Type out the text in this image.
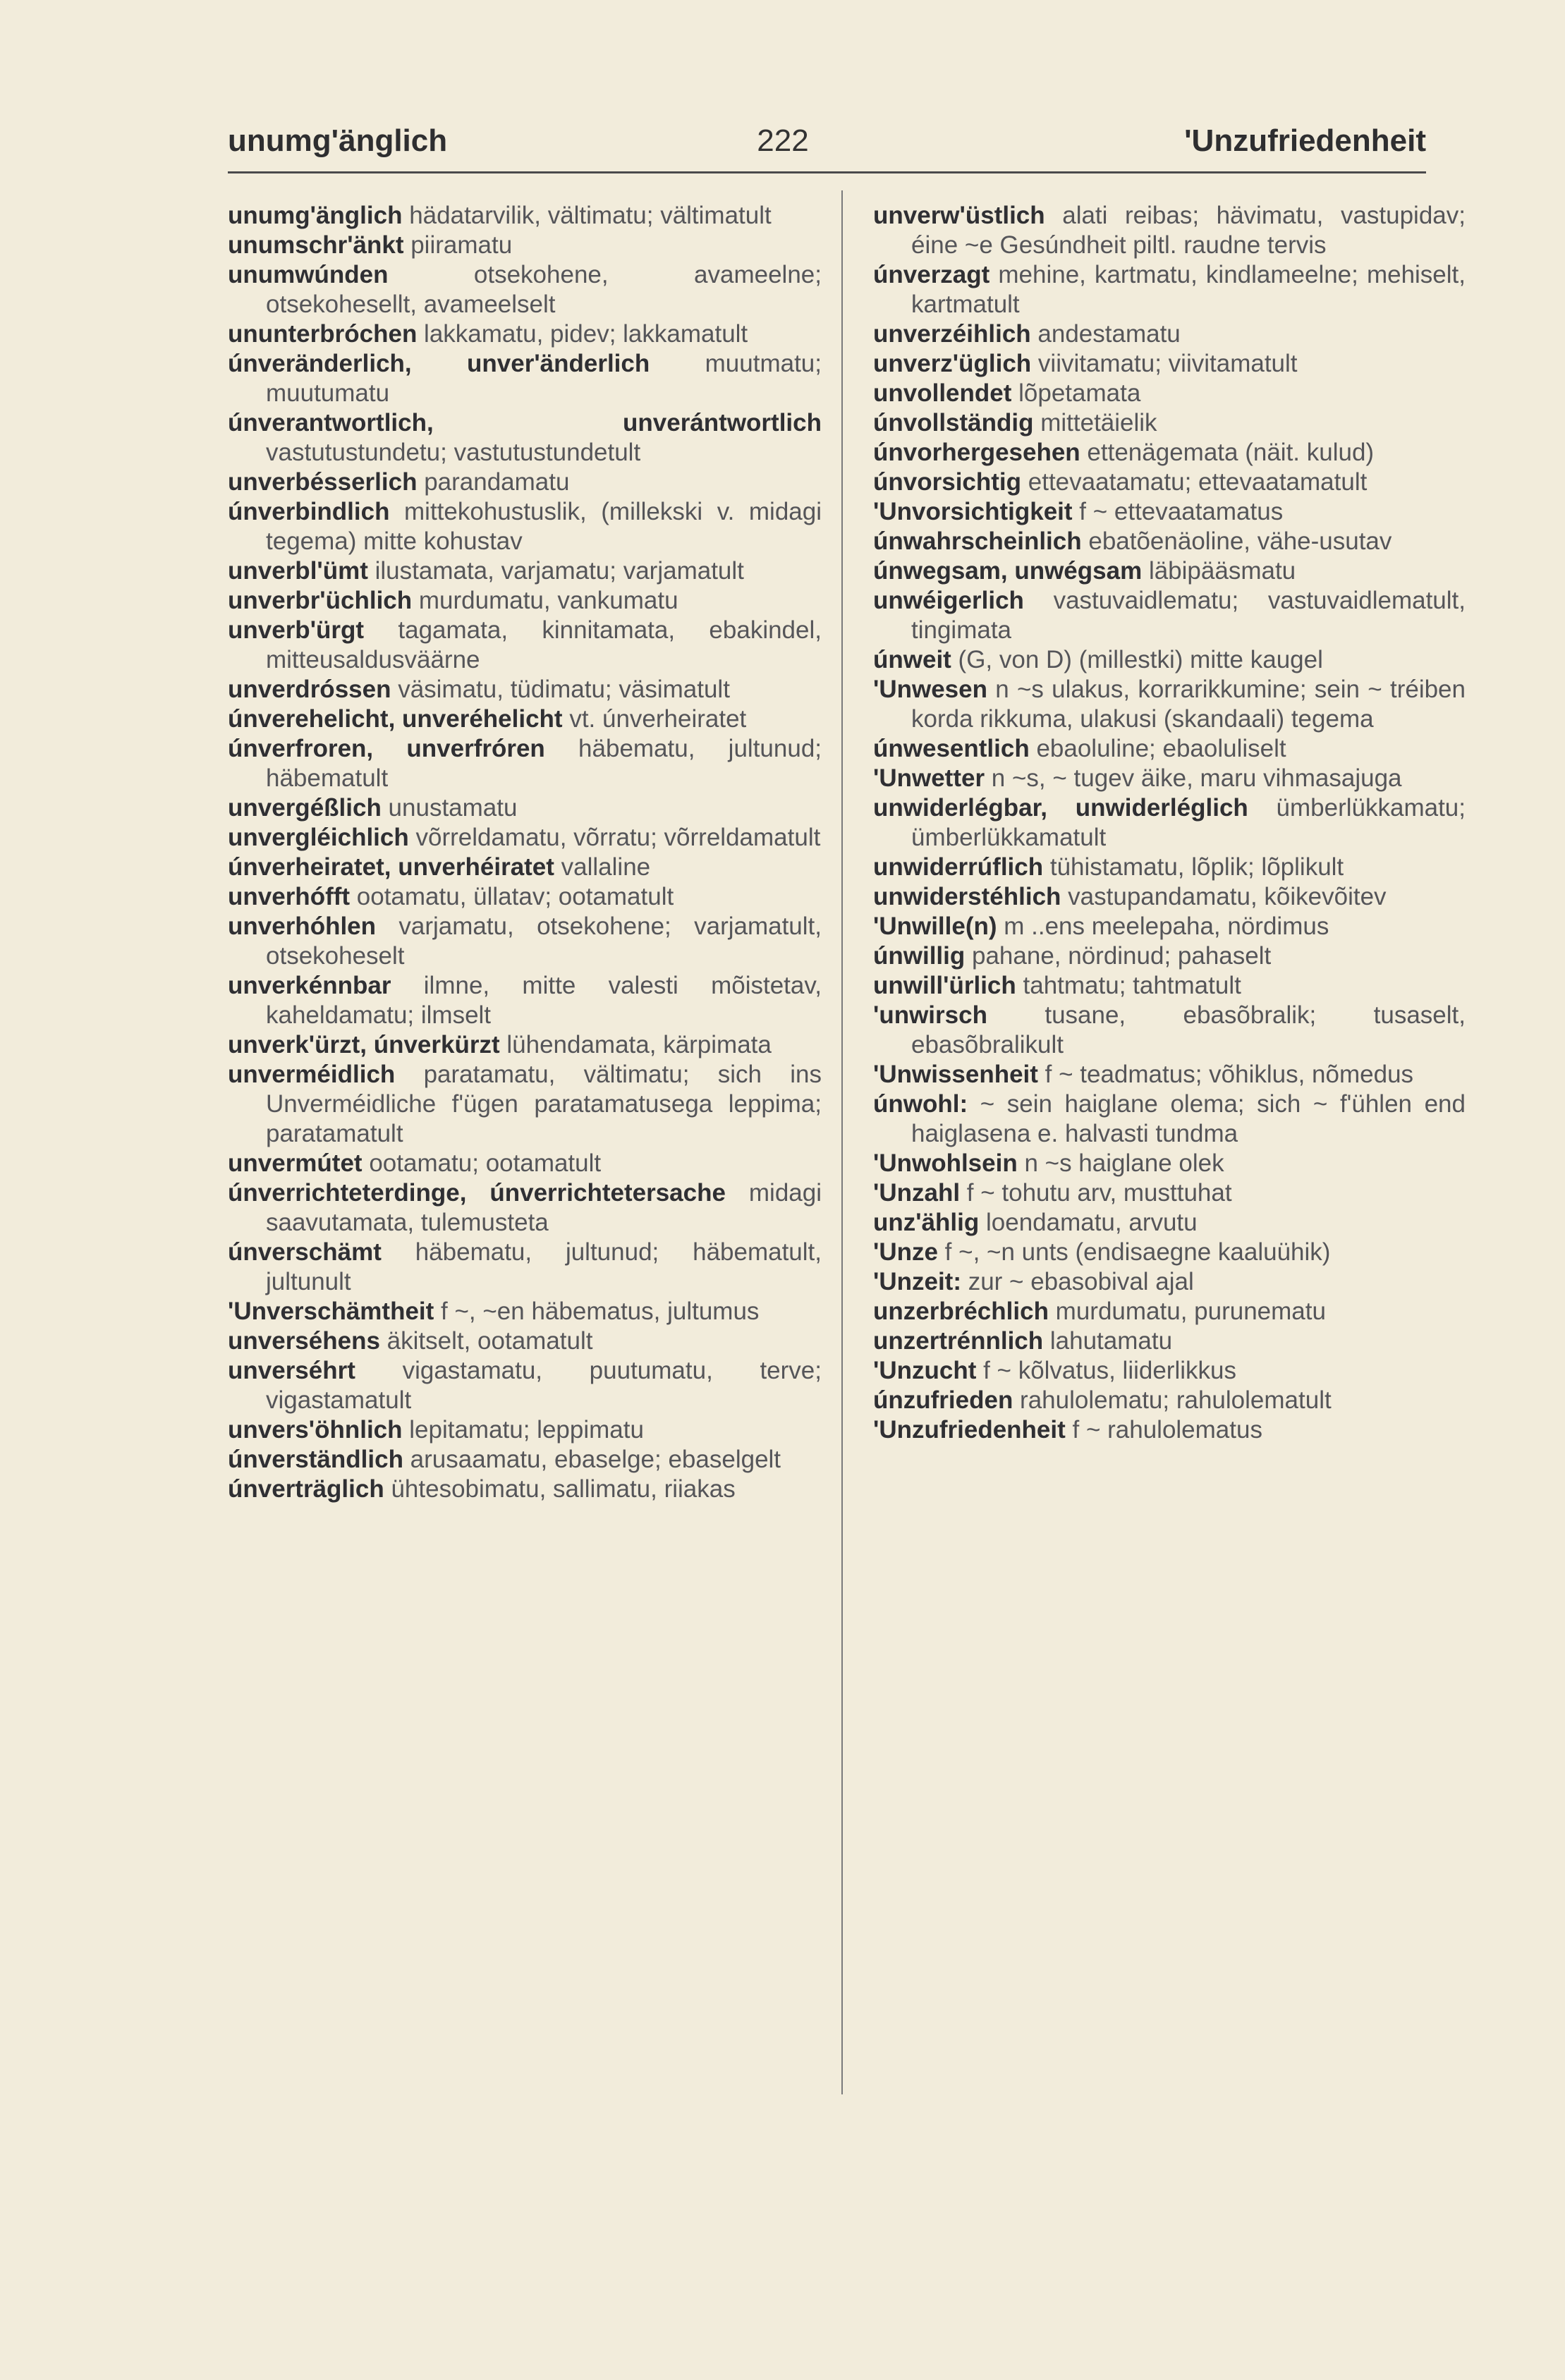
unumg'änglich	222	'Unzufriedenheit

unumg'änglich hädatarvilik, vältimatu; vältimatult

unumschr'änkt piiramatu

unumwúnden otsekohene, avameelne; otsekohesellt, avameelselt

ununterbróchen lakkamatu, pidev; lakkamatult

únveränderlich, unver'änderlich muutmatu; muutumatu

únverantwortlich, unverántwortlich vastutustundetu; vastutustundetult

unverbésserlich parandamatu

únverbindlich mittekohustuslik, (millekski v. midagi tegema) mitte kohustav

unverbl'ümt ilustamata, varjamatu; varjamatult

unverbr'üchlich murdumatu, vankumatu

unverb'ürgt tagamata, kinnitamata, ebakindel, mitteusaldusväärne

unverdróssen väsimatu, tüdimatu; väsimatult

únverehelicht, unveréhelicht vt. únverheiratet

únverfroren, unverfróren häbematu, jultunud; häbematult

unvergéßlich unustamatu

unvergléichlich võrreldamatu, võrratu; võrreldamatult

únverheiratet, unverhéiratet vallaline

unverhófft ootamatu, üllatav; ootamatult

unverhóhlen varjamatu, otsekohene; varjamatult, otsekoheselt

unverkénnbar ilmne, mitte valesti mõistetav, kaheldamatu; ilmselt

unverk'ürzt, únverkürzt lühendamata, kärpimata

unverméidlich paratamatu, vältimatu; sich ins Unverméidliche f'ügen paratamatusega leppima; paratamatult

unvermútet ootamatu; ootamatult

únverrichteterdinge, únverrichtetersache midagi saavutamata, tulemusteta

únverschämt häbematu, jultunud; häbematult, jultunult

'Unverschämtheit f ~, ~en häbematus, jultumus

unverséhens äkitselt, ootamatult

unverséhrt vigastamatu, puutumatu, terve; vigastamatult

unvers'öhnlich lepitamatu; leppimatu

únverständlich arusaamatu, ebaselge; ebaselgelt

únverträglich ühtesobimatu, sallimatu, riiakas

unverw'üstlich alati reibas; hävimatu, vastupidav; éine ~e Gesúndheit piltl. raudne tervis

únverzagt mehine, kartmatu, kindlameelne; mehiselt, kartmatult

unverzéihlich andestamatu

unverz'üglich viivitamatu; viivitamatult

unvollendet lõpetamata

únvollständig mittetäielik

únvorhergesehen ettenägemata (näit. kulud)

únvorsichtig ettevaatamatu; ettevaatamatult

'Unvorsichtigkeit f ~ ettevaatamatus

únwahrscheinlich ebatõenäoline, vähe-usutav

únwegsam, unwégsam läbipääsmatu

unwéigerlich vastuvaidlematu; vastuvaidlematult, tingimata

únweit (G, von D) (millestki) mitte kaugel

'Unwesen n ~s ulakus, korrarikkumine; sein ~ tréiben korda rikkuma, ulakusi (skandaali) tegema

únwesentlich ebaoluline; ebaoluliselt

'Unwetter n ~s, ~ tugev äike, maru vihmasajuga

unwiderlégbar, unwiderléglich ümberlükkamatu; ümberlükkamatult

unwiderrúflich tühistamatu, lõplik; lõplikult

unwiderstéhlich vastupandamatu, kõikevõitev

'Unwille(n) m ..ens meelepaha, nördimus

únwillig pahane, nördinud; pahaselt

unwill'ürlich tahtmatu; tahtmatult

'unwirsch tusane, ebasõbralik; tusaselt, ebasõbralikult

'Unwissenheit f ~ teadmatus; võhiklus, nõmedus

únwohl: ~ sein haiglane olema; sich ~ f'ühlen end haiglasena e. halvasti tundma

'Unwohlsein n ~s haiglane olek

'Unzahl f ~ tohutu arv, musttuhat

unz'ählig loendamatu, arvutu

'Unze f ~, ~n unts (endisaegne kaaluühik)

'Unzeit: zur ~ ebasobival ajal

unzerbréchlich murdumatu, purunematu

unzertrénnlich lahutamatu

'Unzucht f ~ kõlvatus, liiderlikkus

únzufrieden rahulolematu; rahulolematult

'Unzufriedenheit f ~ rahulolematus
